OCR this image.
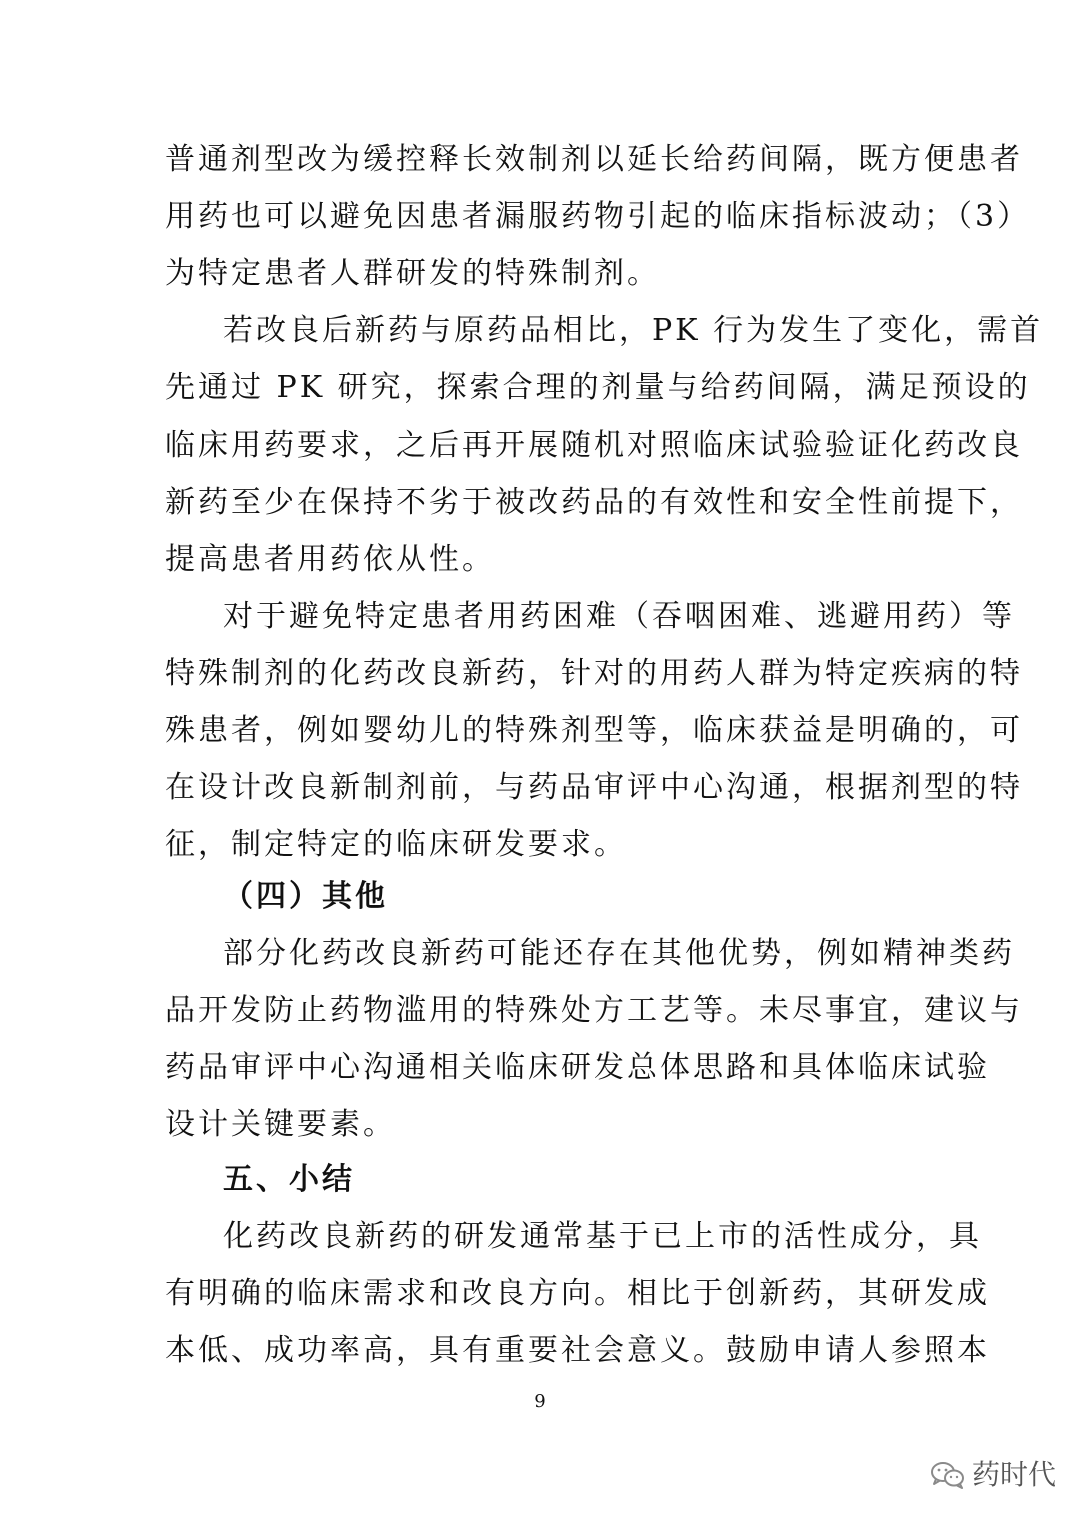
普通剂型改为缓控释长效制剂以延长给药间隔，既方便患者
用药也可以避免因患者漏服药物引起的临床指标波动；（3）
为特定患者人群研发的特殊制剂。
若改良后新药与原药品相比，PK 行为发生了变化，需首
先通过 PK 研究，探索合理的剂量与给药间隔，满足预设的
临床用药要求，之后再开展随机对照临床试验验证化药改良
新药至少在保持不劣于被改药品的有效性和安全性前提下，
提高患者用药依从性。
对于避免特定患者用药困难（吞咽困难、逃避用药）等
特殊制剂的化药改良新药，针对的用药人群为特定疾病的特
殊患者，例如婴幼儿的特殊剂型等，临床获益是明确的，可
在设计改良新制剂前，与药品审评中心沟通，根据剂型的特
征，制定特定的临床研发要求。
（四）其他
部分化药改良新药可能还存在其他优势，例如精神类药
品开发防止药物滥用的特殊处方工艺等。未尽事宜，建议与
药品审评中心沟通相关临床研发总体思路和具体临床试验
设计关键要素。
五、小结
化药改良新药的研发通常基于已上市的活性成分，具
有明确的临床需求和改良方向。相比于创新药，其研发成
本低、成功率高，具有重要社会意义。鼓励申请人参照本
9
药时代
